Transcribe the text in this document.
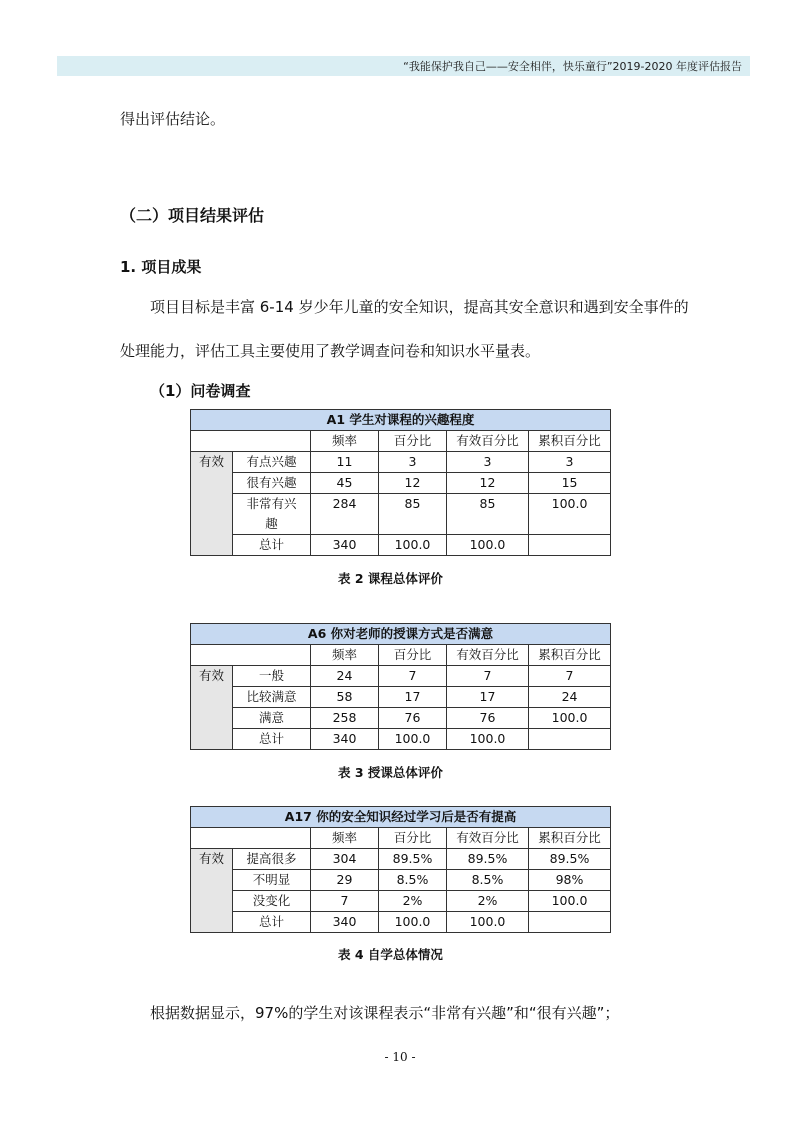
“我能保护我自己——安全相伴，快乐童行”2019-2020 年度评估报告
得出评估结论。
（二）项目结果评估
1. 项目成果
项目目标是丰富 6-14 岁少年儿童的安全知识，提高其安全意识和遇到安全事件的
处理能力，评估工具主要使用了教学调查问卷和知识水平量表。
（1）问卷调查
A1 学生对课程的兴趣程度					
		频率	百分比	有效百分比	累积百分比
有效	有点兴趣	11	3	3	3
	很有兴趣	45	12	12	15
	非常有兴
趣	284	85	85	100.0
	总计	340	100.0	100.0	
表 2 课程总体评价
A6 你对老师的授课方式是否满意					
		频率	百分比	有效百分比	累积百分比
有效	一般	24	7	7	7
	比较满意	58	17	17	24
	满意	258	76	76	100.0
	总计	340	100.0	100.0	
表 3 授课总体评价
A17 你的安全知识经过学习后是否有提高					
		频率	百分比	有效百分比	累积百分比
有效	提高很多	304	89.5%	89.5%	89.5%
	不明显	29	8.5%	8.5%	98%
	没变化	7	2%	2%	100.0
	总计	340	100.0	100.0	
表 4 自学总体情况
根据数据显示，97%的学生对该课程表示“非常有兴趣”和“很有兴趣”；
- 10 -
